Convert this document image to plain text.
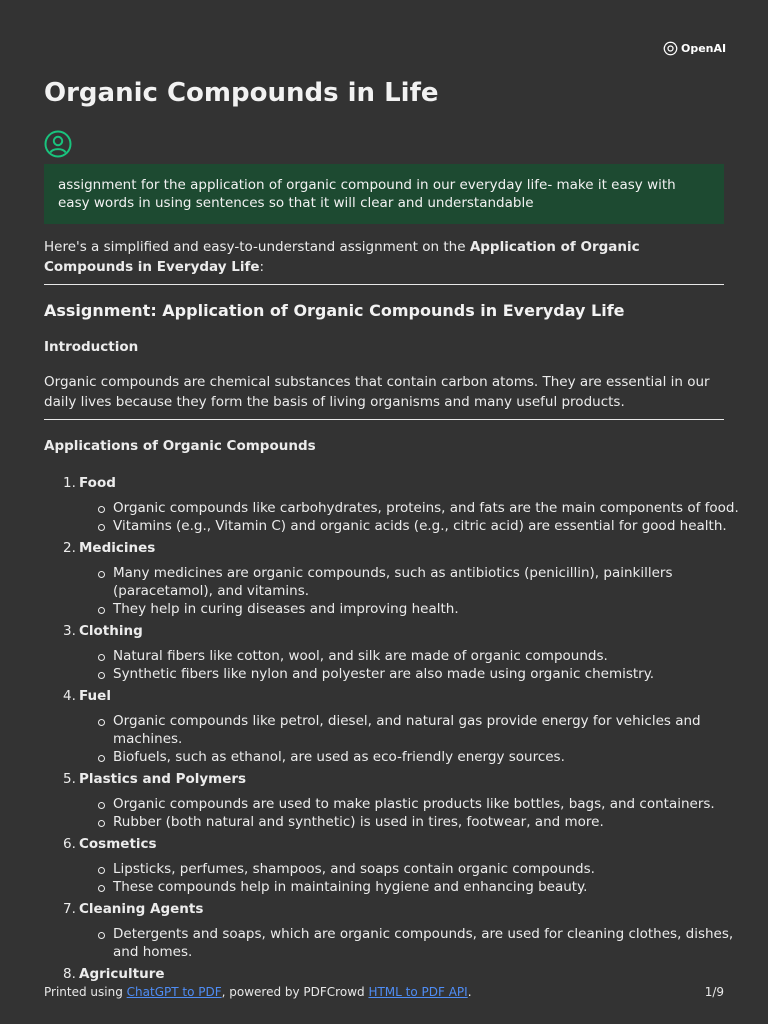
OpenAI
Organic Compounds in Life
assignment for the application of organic compound in our everyday life- make it easy with easy words in using sentences so that it will clear and understandable

Here's a simplified and easy-to-understand assignment on the Application of Organic Compounds in Everyday Life:

Assignment: Application of Organic Compounds in Everyday Life
Introduction

Organic compounds are chemical substances that contain carbon atoms. They are essential in our daily lives because they form the basis of living organisms and many useful products.

Applications of Organic Compounds
1. Food
Organic compounds like carbohydrates, proteins, and fats are the main components of food.
Vitamins (e.g., Vitamin C) and organic acids (e.g., citric acid) are essential for good health.
2. Medicines
Many medicines are organic compounds, such as antibiotics (penicillin), painkillers (paracetamol), and vitamins.
They help in curing diseases and improving health.
3. Clothing
Natural fibers like cotton, wool, and silk are made of organic compounds.
Synthetic fibers like nylon and polyester are also made using organic chemistry.
4. Fuel
Organic compounds like petrol, diesel, and natural gas provide energy for vehicles and machines.
Biofuels, such as ethanol, are used as eco-friendly energy sources.
5. Plastics and Polymers
Organic compounds are used to make plastic products like bottles, bags, and containers.
Rubber (both natural and synthetic) is used in tires, footwear, and more.
6. Cosmetics
Lipsticks, perfumes, shampoos, and soaps contain organic compounds.
These compounds help in maintaining hygiene and enhancing beauty.
7. Cleaning Agents
Detergents and soaps, which are organic compounds, are used for cleaning clothes, dishes, and homes.
8. Agriculture
Printed using ChatGPT to PDF, powered by PDFCrowd HTML to PDF API.	1/9
